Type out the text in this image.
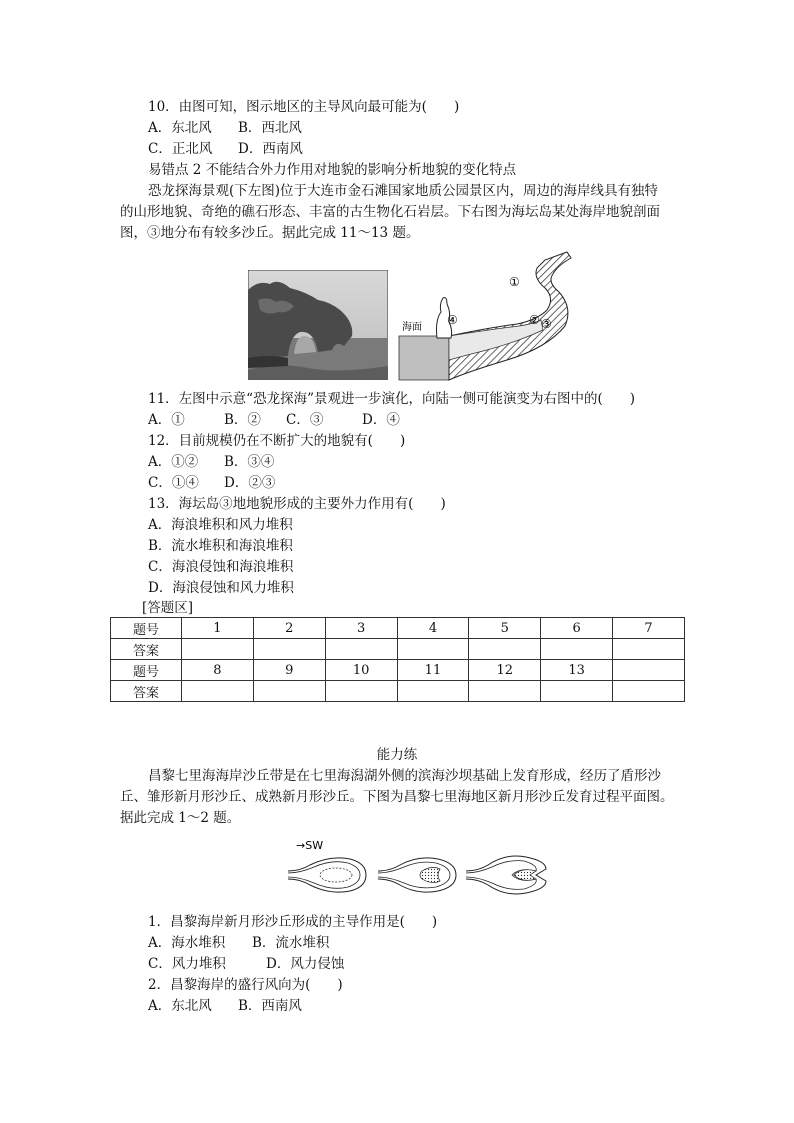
10．由图可知，图示地区的主导风向最可能为(　　)
A．东北风 B．西北风
C．正北风 D．西南风
易错点 2 不能结合外力作用对地貌的影响分析地貌的变化特点
恐龙探海景观(下左图)位于大连市金石滩国家地质公园景区内，周边的海岸线具有独特
的山形地貌、奇绝的礁石形态、丰富的古生物化石岩层。下右图为海坛岛某处海岸地貌剖面
图，③地分布有较多沙丘。据此完成 11～13 题。
海面
①
② ③
④
11．左图中示意“恐龙探海”景观进一步演化，向陆一侧可能演变为右图中的(　　)
A．①	B．② C．③	D．④
12．目前规模仍在不断扩大的地貌有(　　)
A．①② B．③④
C．①④ D．②③
13．海坛岛③地地貌形成的主要外力作用有(　　)
A．海浪堆积和风力堆积
B．流水堆积和海浪堆积
C．海浪侵蚀和海浪堆积
D．海浪侵蚀和风力堆积
[答题区]
题号	1	2	3	4	5	6	7
答案							
题号	8	9	10	11	12	13	
答案							
能力练
昌黎七里海海岸沙丘带是在七里海潟湖外侧的滨海沙坝基础上发育形成，经历了盾形沙
丘、雏形新月形沙丘、成熟新月形沙丘。下图为昌黎七里海地区新月形沙丘发育过程平面图。
据此完成 1～2 题。
→SW
1．昌黎海岸新月形沙丘形成的主导作用是(　　)
A．海水堆积 B．流水堆积
C．风力堆积	D．风力侵蚀
2．昌黎海岸的盛行风向为(　　)
A．东北风 B．西南风
